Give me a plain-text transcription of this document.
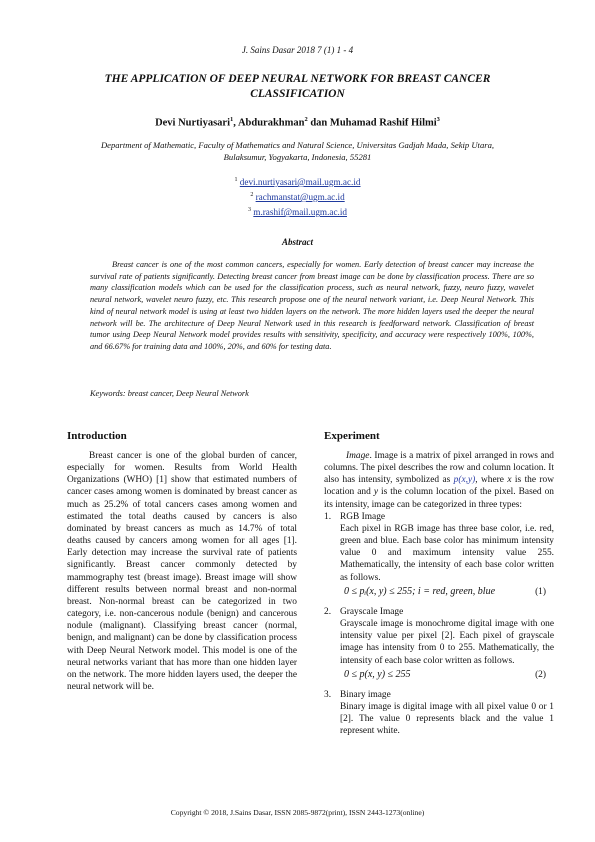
J. Sains Dasar 2018 7 (1) 1 - 4
THE APPLICATION OF DEEP NEURAL NETWORK FOR BREAST CANCER CLASSIFICATION
Devi Nurtiyasari$^1$, Abdurakhman$^2$ dan Muhamad Rashif Hilmi$^3$
Department of Mathematic, Faculty of Mathematics and Natural Science, Universitas Gadjah Mada, Sekip Utara, Bulaksumur, Yogyakarta, Indonesia, 55281
$^1$ devi.nurtiyasari@mail.ugm.ac.id
$^2$ rachmanstat@ugm.ac.id
$^3$ m.rashif@mail.ugm.ac.id
Abstract
Breast cancer is one of the most common cancers, especially for women. Early detection of breast cancer may increase the survival rate of patients significantly. Detecting breast cancer from breast image can be done by classification process. There are so many classification models which can be used for the classification process, such as neural network, fuzzy, neuro fuzzy, wavelet neural network, wavelet neuro fuzzy, etc. This research propose one of the neural network variant, i.e. Deep Neural Network. This kind of neural network model is using at least two hidden layers on the network. The more hidden layers used the deeper the neural network will be. The architecture of Deep Neural Network used in this research is feedforward network. Classification of breast tumor using Deep Neural Network model provides results with sensitivity, specificity, and accuracy were respectively 100%, 100%, and 66.67% for training data and 100%, 20%, and 60% for testing data.
Keywords: breast cancer, Deep Neural Network
Introduction
Breast cancer is one of the global burden of cancer, especially for women. Results from World Health Organizations (WHO) [1] show that estimated numbers of cancer cases among women is dominated by breast cancer as much as 25.2% of total cancers cases among women and estimated the total deaths caused by cancers is also dominated by breast cancers as much as 14.7% of total deaths caused by cancers among women for all ages [1]. Early detection may increase the survival rate of patients significantly. Breast cancer commonly detected by mammography test (breast image). Breast image will show different results between normal breast and non-normal breast. Non-normal breast can be categorized in two category, i.e. non-cancerous nodule (benign) and cancerous nodule (malignant). Classifying breast cancer (normal, benign, and malignant) can be done by classification process with Deep Neural Network model. This model is one of the neural networks variant that has more than one hidden layer on the network. The more hidden layers used, the deeper the neural network will be.
Experiment

Image. Image is a matrix of pixel arranged in rows and columns. The pixel describes the row and column location. It also has intensity, symbolized as p(x,y), where x is the row location and y is the column location of the pixel. Based on its intensity, image can be categorized in three types:

1. RGB Image

Each pixel in RGB image has three base color, i.e. red, green and blue. Each base color has minimum intensity value 0 and maximum intensity value 255. Mathematically, the intensity of each base color written as follows.

0 ≤ pᵢ(x, y) ≤ 255; i = red, green, blue	(1)
2. Grayscale Image

Grayscale image is monochrome digital image with one intensity value per pixel [2]. Each pixel of grayscale image has intensity from 0 to 255. Mathematically, the intensity of each base color written as follows.

0 ≤ p(x, y) ≤ 255	(2)
3. Binary image

Binary image is digital image with all pixel value 0 or 1 [2]. The value 0 represents black and the value 1 represent white.

Copyright © 2018, J.Sains Dasar, ISSN 2085-9872(print), ISSN 2443-1273(online)
